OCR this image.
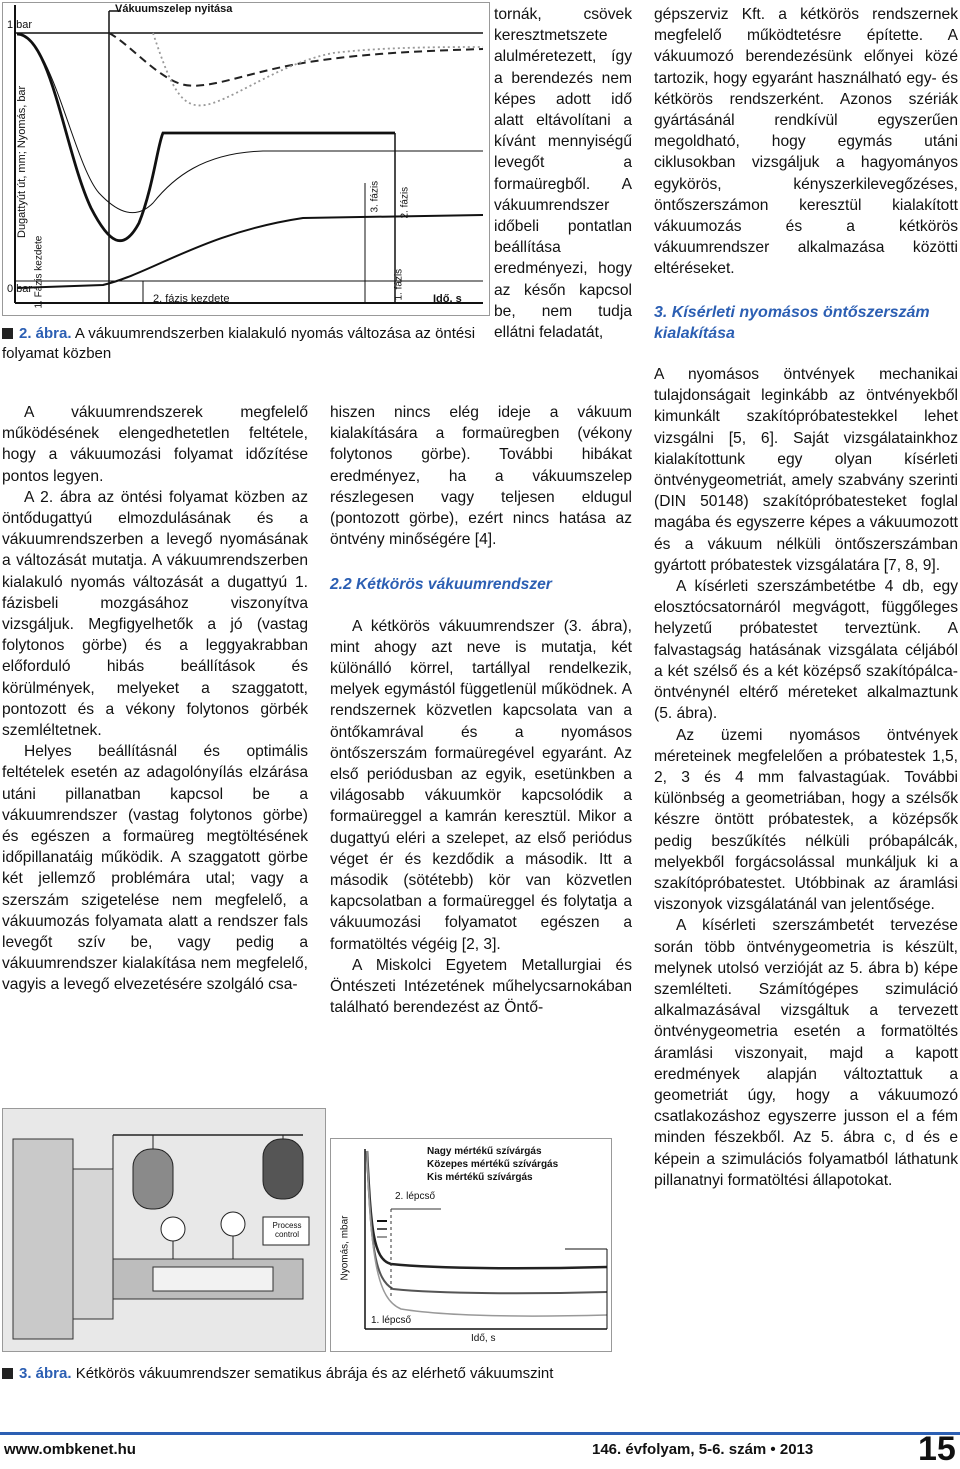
Vákuumszelep nyitása
1 bar
0 bar
Dugattyút út, mm; Nyomás, bar
1. Fázis kezdete	2. fázis kezdete	Idő, s
3. fázis 2. fázis
1. fázis
2. ábra. A vákuumrendszerben kialakuló nyomás változása az öntési folyamat közben

A vákuumrendszerek megfelelő működésének elengedhetetlen feltétele, hogy a vákuumozási folyamat időzítése pontos legyen.

A 2. ábra az öntési folyamat közben az öntődugattyú elmozdulásának és a vákuumrendszerben a levegő nyomásának a változását mutatja. A vákuumrendszerben kialakuló nyomás változását a dugattyú 1. fázisbeli mozgásához viszonyítva vizsgáljuk. Megfigyelhetők a jó (vastag folytonos görbe) és a leggyakrabban előforduló hibás beállítások és körülmények, melyeket a szaggatott, pontozott és a vékony folytonos görbék szemléltetnek.

Helyes beállításnál és optimális feltételek esetén az adagolónyílás elzárása utáni pillanatban kapcsol be a vákuumrendszer (vastag folytonos görbe) és egészen a formaüreg megtöltésének időpillanatáig működik. A szaggatott görbe két jellemző problémára utal; vagy a szerszám szigetelése nem megfelelő, a vákuumozás folyamata alatt a rendszer fals levegőt szív be, vagy pedig a vákuumrendszer kialakítása nem megfelelő, vagyis a levegő elvezetésére szolgáló csa-

tornák, csövek keresztmetszete alulméretezett, így a berendezés nem képes adott idő alatt eltávolítani a kívánt mennyiségű levegőt a formaüregből. A vákuumrendszer időbeli pontatlan beállítása eredményezi, hogy az későn kapcsol be, nem tudja ellátni feladatát,

hiszen nincs elég ideje a vákuum kialakítására a formaüregben (vékony folytonos görbe). További hibákat eredményez, ha a vákuumszelep részlegesen vagy teljesen eldugul (pontozott görbe), ezért nincs hatása az öntvény minőségére [4].

2.2 Kétkörös vákuumrendszer

A kétkörös vákuumrendszer (3. ábra), mint ahogy azt neve is mutatja, két különálló körrel, tartállyal rendelkezik, melyek egymástól függetlenül működnek. A rendszernek közvetlen kapcsolata van a öntőkamrával és a nyomásos öntőszerszám formaüregével egyaránt. Az első periódusban az egyik, esetünkben a világosabb vákuumkör kapcsolódik a formaüreggel a kamrán keresztül. Mikor a dugattyú eléri a szelepet, az első periódus véget ér és kezdődik a második. Itt a második (sötétebb) kör van közvetlen kapcsolatban a formaüreggel és folytatja a vákuumozási folyamatot egészen a formatöltés végéig [2, 3].

A Miskolci Egyetem Metallurgiai és Öntészeti Intézetének műhelycsarnokában található berendezést az Öntő-

Process control
Nagy mértékű szívárgás
Közepes mértékű szívárgás
Kis mértékű szívárgás
2. lépcső
1. lépcső
Nyomás, mbar
Idő, s
3. ábra. Kétkörös vákuumrendszer sematikus ábrája és az elérhető vákuumszint

gépszerviz Kft. a kétkörös rendszernek megfelelő működtetésre építette. A vákuumozó berendezésünk előnyei közé tartozik, hogy egyaránt használható egy- és kétkörös rendszerként. Azonos szériák gyártásánál rendkívül egyszerűen megoldható, hogy egymás utáni ciklusokban vizsgáljuk a hagyományos egykörös, kényszerkilevegőzéses, öntőszerszámon keresztül kialakított vákuumozás és a kétkörös vákuumrendszer alkalmazása közötti eltéréseket.

3. Kísérleti nyomásos öntőszerszám kialakítása

A nyomásos öntvények mechanikai tulajdonságait leginkább az öntvényekből kimunkált szakítópróbatestekkel lehet vizsgálni [5, 6]. Saját vizsgálatainkhoz kialakítottunk egy olyan kísérleti öntvénygeometriát, amely szabvány szerinti (DIN 50148) szakítópróbatesteket foglal magába és egyszerre képes a vákuumozott és a vákuum nélküli öntőszerszámban gyártott próbatestek vizsgálatára [7, 8, 9].

A kísérleti szerszámbetétbe 4 db, egy elosztócsatornáról megvágott, függőleges helyzetű próbatestet terveztünk. A falvastagság hatásának vizsgálata céljából a két szélső és a két középső szakítópálca-öntvénynél eltérő méreteket alkalmaztunk (5. ábra).

Az üzemi nyomásos öntvények méreteinek megfelelően a próbatestek 1,5, 2, 3 és 4 mm falvastagúak. További különbség a geometriában, hogy a szélsők készre öntött próbatestek, a középsők pedig beszűkítés nélküli próbapálcák, melyekből forgácsolással munkáljuk ki a szakítópróbatestet. Utóbbinak az áramlási viszonyok vizsgálatánál van jelentősége.

A kísérleti szerszámbetét tervezése során több öntvénygeometria is készült, melynek utolsó verzióját az 5. ábra b) képe szemlélteti. Számítógépes szimuláció alkalmazásával vizsgáltuk a tervezett öntvénygeometria esetén a formatöltés áramlási viszonyait, majd a kapott eredmények alapján változtattuk a geometriát úgy, hogy a vákuumozó csatlakozáshoz egyszerre jusson el a fém minden fészekből. Az 5. ábra c, d és e képein a szimulációs folyamatból láthatunk pillanatnyi formatöltési állapotokat.

www.ombkenet.hu	146. évfolyam, 5-6. szám • 2013	15
